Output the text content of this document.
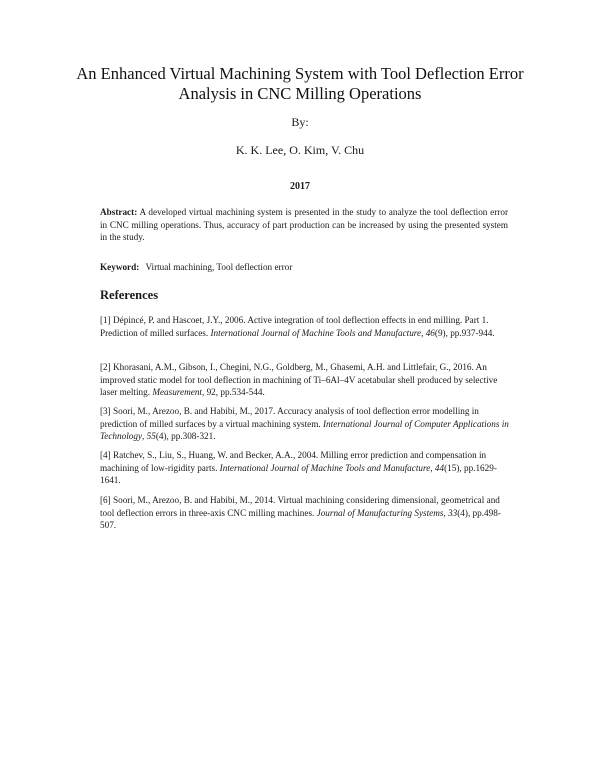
An Enhanced Virtual Machining System with Tool Deflection Error
Analysis in CNC Milling Operations
By:
K. K. Lee, O. Kim, V. Chu
2017
Abstract: A developed virtual machining system is presented in the study to analyze the tool deflection error in CNC milling operations. Thus, accuracy of part production can be increased by using the presented system in the study.
Keyword: Virtual machining, Tool deflection error
References
[1] Dépincé, P. and Hascoet, J.Y., 2006. Active integration of tool deflection effects in end milling. Part 1. Prediction of milled surfaces. International Journal of Machine Tools and Manufacture, 46(9), pp.937-944.
[2] Khorasani, A.M., Gibson, I., Chegini, N.G., Goldberg, M., Ghasemi, A.H. and Littlefair, G., 2016. An improved static model for tool deflection in machining of Ti–6Al–4V acetabular shell produced by selective laser melting. Measurement, 92, pp.534-544.
[3] Soori, M., Arezoo, B. and Habibi, M., 2017. Accuracy analysis of tool deflection error modelling in prediction of milled surfaces by a virtual machining system. International Journal of Computer Applications in Technology, 55(4), pp.308-321.
[4] Ratchev, S., Liu, S., Huang, W. and Becker, A.A., 2004. Milling error prediction and compensation in machining of low-rigidity parts. International Journal of Machine Tools and Manufacture, 44(15), pp.1629-1641.
[6] Soori, M., Arezoo, B. and Habibi, M., 2014. Virtual machining considering dimensional, geometrical and tool deflection errors in three-axis CNC milling machines. Journal of Manufacturing Systems, 33(4), pp.498-507.
